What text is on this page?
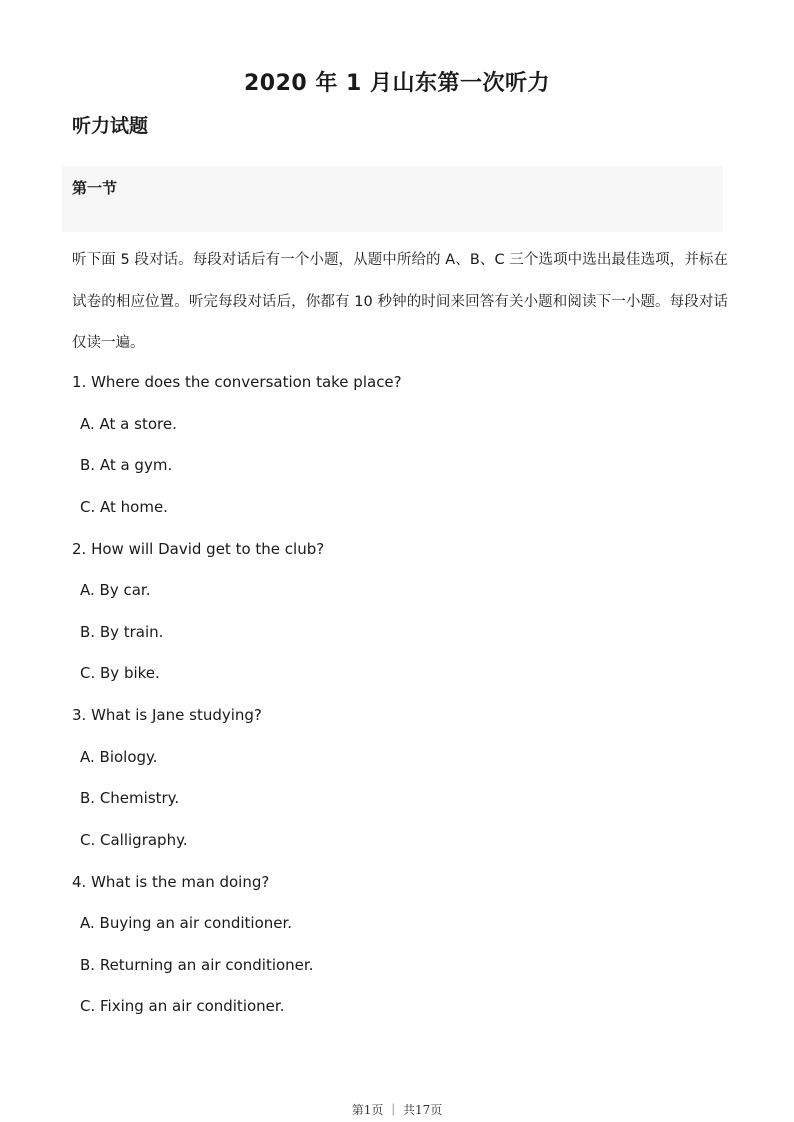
2020 年 1 月山东第一次听力
听力试题
第一节
听下面 5 段对话。每段对话后有一个小题，从题中所给的 A、B、C 三个选项中选出最佳选项，并标在试卷的相应位置。听完每段对话后，你都有 10 秒钟的时间来回答有关小题和阅读下一小题。每段对话仅读一遍。
1. Where does the conversation take place?
A. At a store.
B. At a gym.
C. At home.
2. How will David get to the club?
A. By car.
B. By train.
C. By bike.
3. What is Jane studying?
A. Biology.
B. Chemistry.
C. Calligraphy.
4. What is the man doing?
A. Buying an air conditioner.
B. Returning an air conditioner.
C. Fixing an air conditioner.
第1页 ｜ 共17页
